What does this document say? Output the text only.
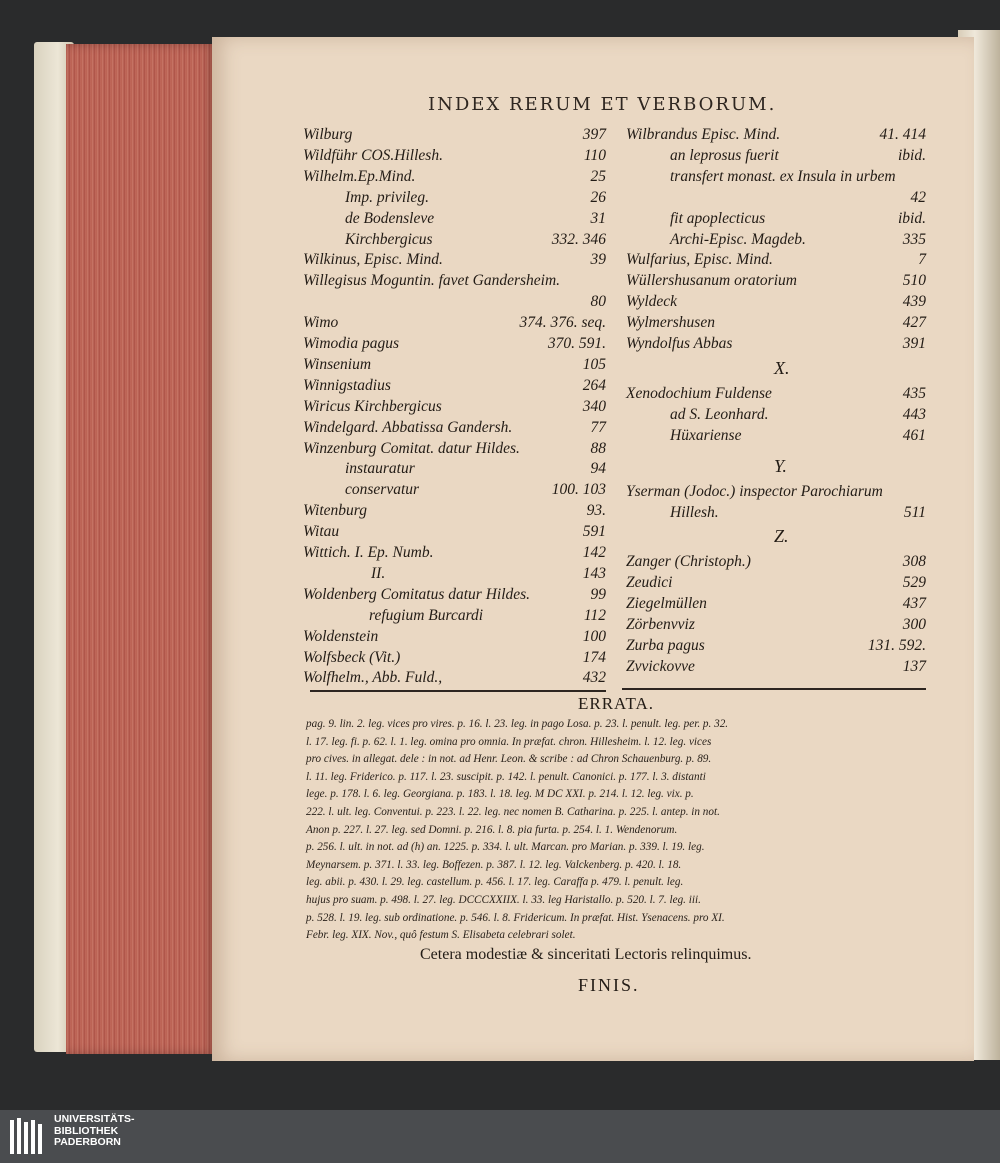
INDEX RERUM ET VERBORUM.
Wilburg	397
Wildführ COS.Hillesh.	110
Wilhelm.Ep.Mind.	25
Imp. privileg.	26
de Bodensleve	31
Kirchbergicus	332. 346
Wilkinus, Episc. Mind.	39
Willegisus Moguntin. favet Gandersheim.
80
Wimo	374. 376. seq.
Wimodia pagus	370. 591.
Winsenium	105
Winnigstadius	264
Wiricus Kirchbergicus	340
Windelgard. Abbatissa Gandersh.	77
Winzenburg Comitat. datur Hildes.	88
instauratur	94
conservatur	100. 103
Witenburg	93.
Witau	591
Wittich. I. Ep. Numb.	142
II.	143
Woldenberg Comitatus datur Hildes.	99
refugium Burcardi	112
Woldenstein	100
Wolfsbeck (Vit.)	174
Wolfhelm., Abb. Fuld.,	432
Wilbrandus Episc. Mind.	41. 414
an leprosus fuerit	ibid.
transfert monast. ex Insula in urbem
42
fit apoplecticus	ibid.
Archi-Episc. Magdeb.	335
Wulfarius, Episc. Mind.	7
Wüllershusanum oratorium	510
Wyldeck	439
Wylmershusen	427
Wyndolfus Abbas	391
X.
Xenodochium Fuldense	435
ad S. Leonhard.	443
Hüxariense	461
Y.
Yserman (Jodoc.) inspector Parochiarum
Hillesh.	511
Z.
Zanger (Christoph.)	308
Zeudici	529
Ziegelmüllen	437
Zörbenvviz	300
Zurba pagus	131. 592.
Zvvickovve	137
ERRATA.
pag. 9. lin. 2. leg. vices pro vires. p. 16. l. 23. leg. in pago Losa. p. 23. l. penult. leg. per. p. 32.
l. 17. leg. fi. p. 62. l. 1. leg. omina pro omnia. In præfat. chron. Hillesheim. l. 12. leg. vices
pro cives. in allegat. dele : in not. ad Henr. Leon. & scribe : ad Chron Schauenburg. p. 89.
l. 11. leg. Friderico. p. 117. l. 23. suscipit. p. 142. l. penult. Canonici. p. 177. l. 3. distanti
lege. p. 178. l. 6. leg. Georgiana. p. 183. l. 18. leg. M DC XXI. p. 214. l. 12. leg. vix. p.
222. l. ult. leg. Conventui. p. 223. l. 22. leg. nec nomen B. Catharina. p. 225. l. antep. in not.
Anon p. 227. l. 27. leg. sed Domni. p. 216. l. 8. pia furta. p. 254. l. 1. Wendenorum.
p. 256. l. ult. in not. ad (h) an. 1225. p. 334. l. ult. Marcan. pro Marian. p. 339. l. 19. leg.
Meynarsem. p. 371. l. 33. leg. Boffezen. p. 387. l. 12. leg. Valckenberg. p. 420. l. 18.
leg. abii. p. 430. l. 29. leg. castellum. p. 456. l. 17. leg. Caraffa p. 479. l. penult. leg.
hujus pro suam. p. 498. l. 27. leg. DCCCXXIIX. l. 33. leg Haristallo. p. 520. l. 7. leg. iii.
p. 528. l. 19. leg. sub ordinatione. p. 546. l. 8. Fridericum. In præfat. Hist. Ysenacens. pro XI.
Febr. leg. XIX. Nov., quô festum S. Elisabeta celebrari solet.
Cetera modestiæ & sinceritati Lectoris relinquimus.
FINIS.
UNIVERSITÄTS-
BIBLIOTHEK
PADERBORN
